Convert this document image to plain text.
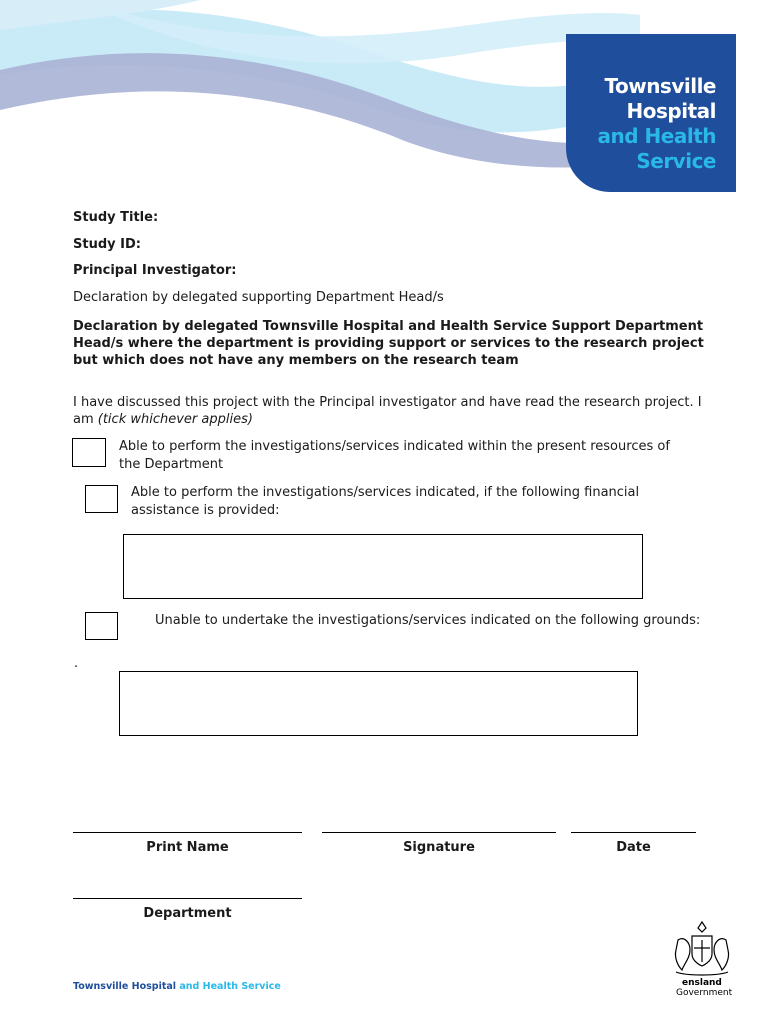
Townsville
Hospital
and Health
Service
Study Title:
Study ID:
Principal Investigator:
Declaration by delegated supporting Department Head/s
Declaration by delegated Townsville Hospital and Health Service Support Department Head/s where the department is providing support or services to the research project but which does not have any members on the research team
I have discussed this project with the Principal investigator and have read the research project. I am (tick whichever applies)
Able to perform the investigations/services indicated within the present resources of the Department
Able to perform the investigations/services indicated, if the following financial assistance is provided:
Unable to undertake the investigations/services indicated on the following grounds:
.
Print Name	Signature	Date
Department
Townsville Hospital and Health Service	ensland
Government
